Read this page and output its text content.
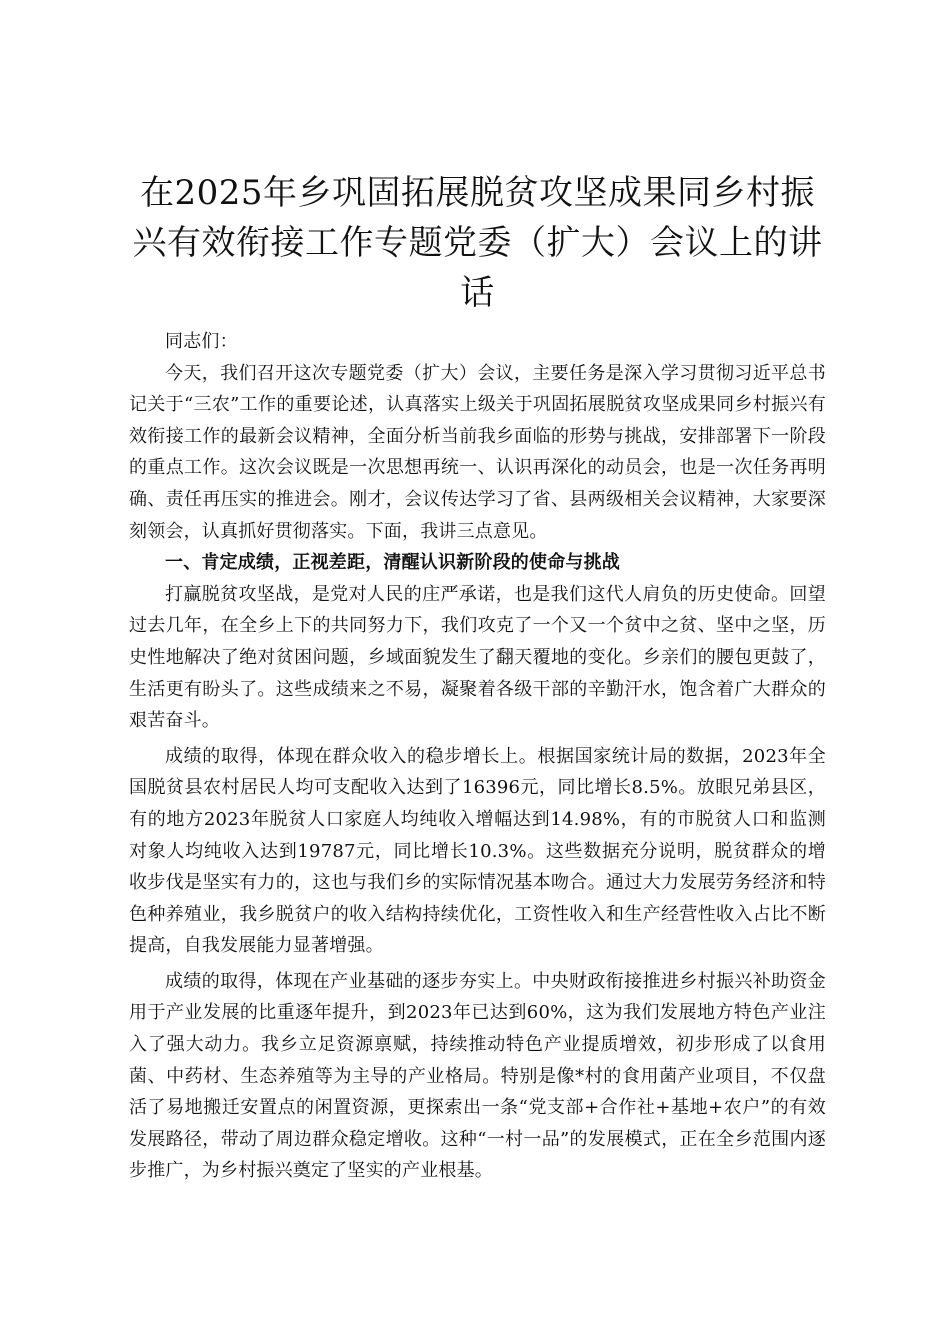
在2025年乡巩固拓展脱贫攻坚成果同乡村振兴有效衔接工作专题党委（扩大）会议上的讲话

同志们：

今天，我们召开这次专题党委（扩大）会议，主要任务是深入学习贯彻习近平总书记关于“三农”工作的重要论述，认真落实上级关于巩固拓展脱贫攻坚成果同乡村振兴有效衔接工作的最新会议精神，全面分析当前我乡面临的形势与挑战，安排部署下一阶段的重点工作。这次会议既是一次思想再统一、认识再深化的动员会，也是一次任务再明确、责任再压实的推进会。刚才，会议传达学习了省、县两级相关会议精神，大家要深刻领会，认真抓好贯彻落实。下面，我讲三点意见。

一、肯定成绩，正视差距，清醒认识新阶段的使命与挑战

打赢脱贫攻坚战，是党对人民的庄严承诺，也是我们这代人肩负的历史使命。回望过去几年，在全乡上下的共同努力下，我们攻克了一个又一个贫中之贫、坚中之坚，历史性地解决了绝对贫困问题，乡域面貌发生了翻天覆地的变化。乡亲们的腰包更鼓了，生活更有盼头了。这些成绩来之不易，凝聚着各级干部的辛勤汗水，饱含着广大群众的艰苦奋斗。

成绩的取得，体现在群众收入的稳步增长上。根据国家统计局的数据，2023年全国脱贫县农村居民人均可支配收入达到了16396元，同比增长8.5%。放眼兄弟县区，有的地方2023年脱贫人口家庭人均纯收入增幅达到14.98%，有的市脱贫人口和监测对象人均纯收入达到19787元，同比增长10.3%。这些数据充分说明，脱贫群众的增收步伐是坚实有力的，这也与我们乡的实际情况基本吻合。通过大力发展劳务经济和特色种养殖业，我乡脱贫户的收入结构持续优化，工资性收入和生产经营性收入占比不断提高，自我发展能力显著增强。

成绩的取得，体现在产业基础的逐步夯实上。中央财政衔接推进乡村振兴补助资金用于产业发展的比重逐年提升，到2023年已达到60%，这为我们发展地方特色产业注入了强大动力。我乡立足资源禀赋，持续推动特色产业提质增效，初步形成了以食用菌、中药材、生态养殖等为主导的产业格局。特别是像*村的食用菌产业项目，不仅盘活了易地搬迁安置点的闲置资源，更探索出一条“党支部+合作社+基地+农户”的有效发展路径，带动了周边群众稳定增收。这种“一村一品”的发展模式，正在全乡范围内逐步推广，为乡村振兴奠定了坚实的产业根基。
